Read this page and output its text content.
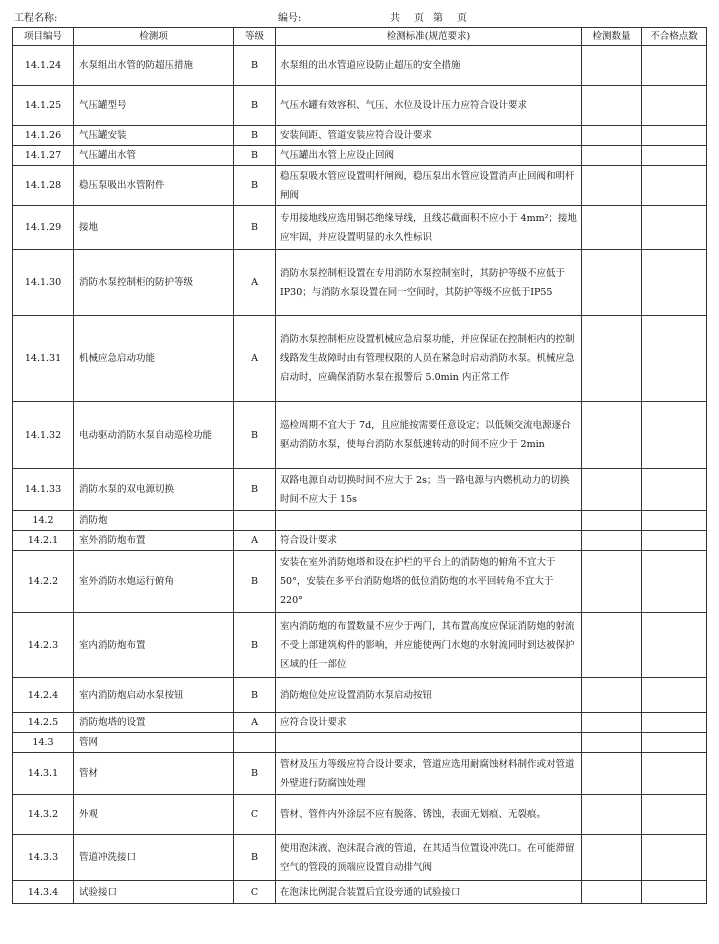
工程名称:	编号:	共 页 第 页
项目编号	检测项	等级	检测标准(规范要求)	检测数量	不合格点数
14.1.24	水泵组出水管的防超压措施	B	水泵组的出水管道应设防止超压的安全措施		
14.1.25	气压罐型号	B	气压水罐有效容积、气压、水位及设计压力应符合设计要求		
14.1.26	气压罐安装	B	安装间距、管道安装应符合设计要求		
14.1.27	气压罐出水管	B	气压罐出水管上应设止回阀		
14.1.28	稳压泵吸出水管附件	B	稳压泵吸水管应设置明杆闸阀，稳压泵出水管应设置消声止回阀和明杆闸阀		
14.1.29	接地	B	专用接地线应选用铜芯绝缘导线，且线芯截面积不应小于 4mm²；接地应牢固，并应设置明显的永久性标识		
14.1.30	消防水泵控制柜的防护等级	A	消防水泵控制柜设置在专用消防水泵控制室时，其防护等级不应低于IP30；与消防水泵设置在同一空间时，其防护等级不应低于IP55		
14.1.31	机械应急启动功能	A	消防水泵控制柜应设置机械应急启泵功能，并应保证在控制柜内的控制线路发生故障时由有管理权限的人员在紧急时启动消防水泵。机械应急启动时，应确保消防水泵在报警后 5.0min 内正常工作		
14.1.32	电动驱动消防水泵自动巡检功能	B	巡检周期不宜大于 7d，且应能按需要任意设定；以低频交流电源逐台驱动消防水泵，使每台消防水泵低速转动的时间不应少于 2min		
14.1.33	消防水泵的双电源切换	B	双路电源自动切换时间不应大于 2s；当一路电源与内燃机动力的切换时间不应大于 15s		
14.2	消防炮				
14.2.1	室外消防炮布置	A	符合设计要求		
14.2.2	室外消防水炮运行俯角	B	安装在室外消防炮塔和设在护栏的平台上的消防炮的俯角不宜大于 50°，安装在多平台消防炮塔的低位消防炮的水平回转角不宜大于 220°		
14.2.3	室内消防炮布置	B	室内消防炮的布置数量不应少于两门，其布置高度应保证消防炮的射流不受上部建筑构件的影响，并应能使两门水炮的水射流同时到达被保护区域的任一部位		
14.2.4	室内消防炮启动水泵按钮	B	消防炮位处应设置消防水泵启动按钮		
14.2.5	消防炮塔的设置	A	应符合设计要求		
14.3	管网				
14.3.1	管材	B	管材及压力等级应符合设计要求，管道应选用耐腐蚀材料制作或对管道外壁进行防腐蚀处理		
14.3.2	外观	C	管材、管件内外涂层不应有脱落、锈蚀，表面无划痕、无裂痕。		
14.3.3	管道冲洗接口	B	使用泡沫液、泡沫混合液的管道，在其适当位置设冲洗口。在可能滞留空气的管段的顶端应设置自动排气阀		
14.3.4	试验接口	C	在泡沫比例混合装置后宜设旁通的试验接口		
